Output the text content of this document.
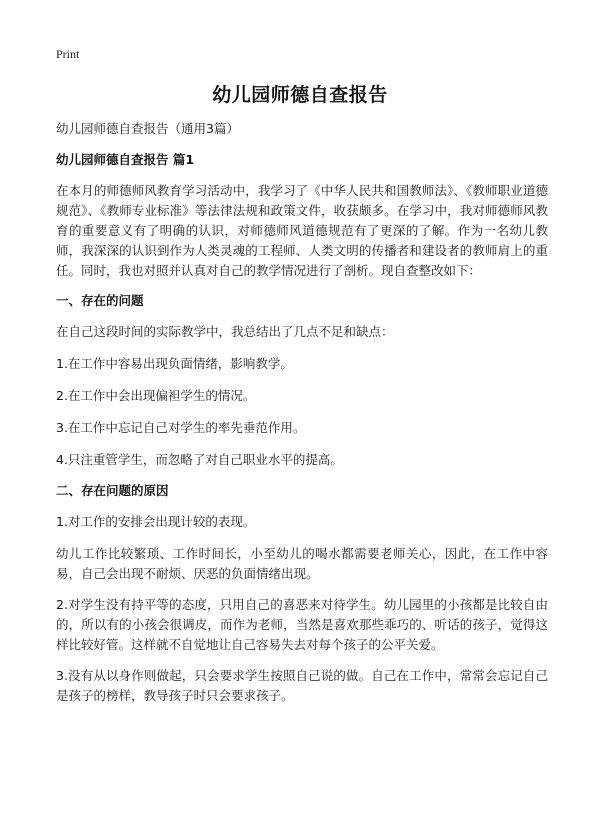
Print
幼儿园师德自查报告
幼儿园师德自查报告（通用3篇）
幼儿园师德自查报告 篇1
在本月的师德师风教育学习活动中，我学习了《中华人民共和国教师法》、《教师职业道德规范》、《教师专业标准》等法律法规和政策文件，收获颇多。在学习中，我对师德师风教育的重要意义有了明确的认识，对师德师风道德规范有了更深的了解。作为一名幼儿教师，我深深的认识到作为人类灵魂的工程师、人类文明的传播者和建设者的教师肩上的重任。同时，我也对照并认真对自己的教学情况进行了剖析。现自查整改如下：
一、存在的问题
在自己这段时间的实际教学中，我总结出了几点不足和缺点：
1.在工作中容易出现负面情绪，影响教学。
2.在工作中会出现偏袒学生的情况。
3.在工作中忘记自己对学生的率先垂范作用。
4.只注重管学生，而忽略了对自己职业水平的提高。
二、存在问题的原因
1.对工作的安排会出现计较的表现。
幼儿工作比较繁琐、工作时间长，小至幼儿的喝水都需要老师关心，因此，在工作中容易，自己会出现不耐烦、厌恶的负面情绪出现。
2.对学生没有持平等的态度，只用自己的喜恶来对待学生。幼儿园里的小孩都是比较自由的，所以有的小孩会很调皮，而作为老师，当然是喜欢那些乖巧的、听话的孩子，觉得这样比较好管。这样就不自觉地让自己容易失去对每个孩子的公平关爱。
3.没有从以身作则做起，只会要求学生按照自己说的做。自己在工作中，常常会忘记自己是孩子的榜样，教导孩子时只会要求孩子。
